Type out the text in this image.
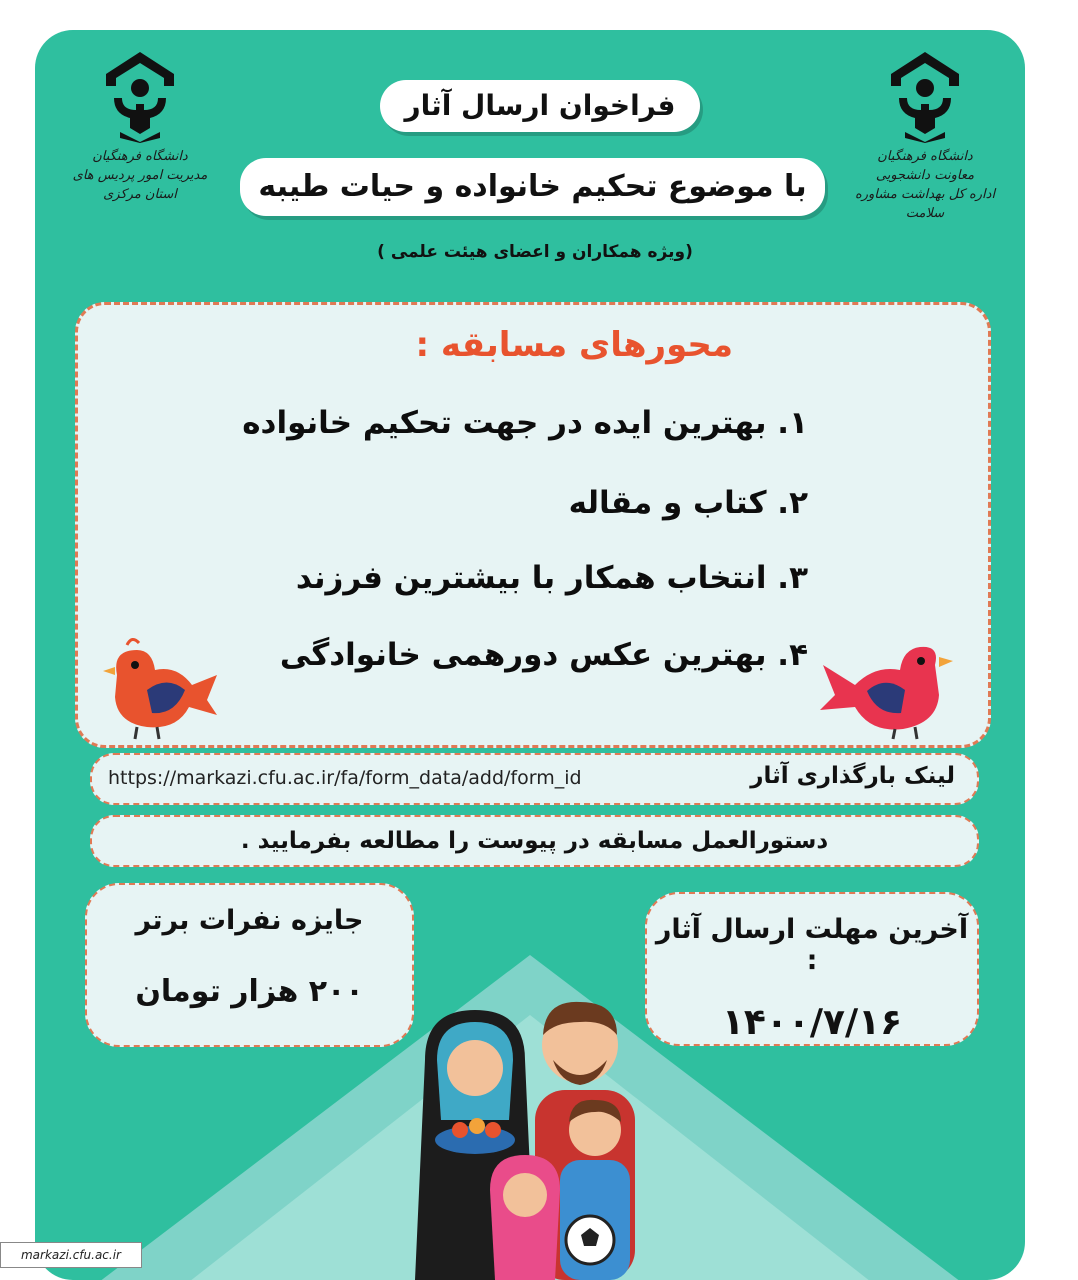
دانشگاه فرهنگیان
مدیریت امور پردیس های
استان مرکزی
دانشگاه فرهنگیان
معاونت دانشجویی
اداره کل بهداشت مشاوره سلامت
فراخوان ارسال آثار
با موضوع تحکیم خانواده و حیات طیبه
(ویژه همکاران و اعضای هیئت علمی )
محورهای مسابقه :
۱. بهترین ایده در جهت تحکیم خانواده
۲. کتاب و مقاله
۳. انتخاب همکار با بیشترین فرزند
۴. بهترین عکس دورهمی خانوادگی
لینک بارگذاری آثار
https://markazi.cfu.ac.ir/fa/form_data/add/form_id
دستورالعمل مسابقه در پیوست را مطالعه بفرمایید .
جایزه نفرات برتر
۲۰۰ هزار تومان
آخرین مهلت ارسال آثار :
۱۴۰۰/۷/۱۶
markazi.cfu.ac.ir
